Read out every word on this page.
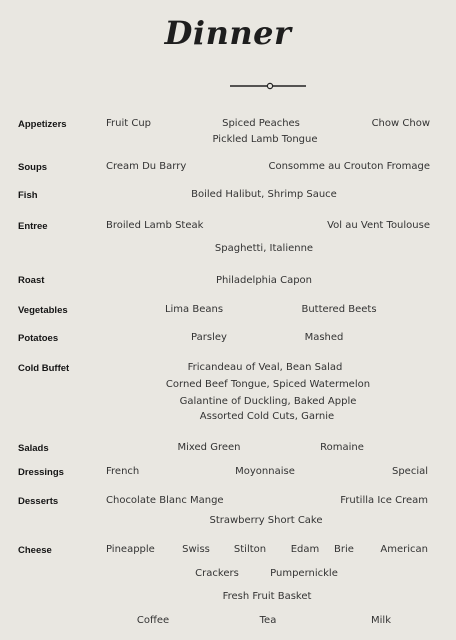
Dinner
Appetizers	Fruit Cup	Spiced Peaches	Chow Chow
Pickled Lamb Tongue
Soups	Cream Du Barry	Consomme au Crouton Fromage
Fish	Boiled Halibut, Shrimp Sauce
Entree	Broiled Lamb Steak	Vol au Vent Toulouse
Spaghetti, Italienne
Roast	Philadelphia Capon
Vegetables	Lima Beans	Buttered Beets
Potatoes	Parsley	Mashed
Cold Buffet	Fricandeau of Veal, Bean Salad
Corned Beef Tongue, Spiced Watermelon
Galantine of Duckling, Baked Apple
Assorted Cold Cuts, Garnie
Salads	Mixed Green	Romaine
Dressings	French	Moyonnaise	Special
Desserts	Chocolate Blanc Mange	Frutilla Ice Cream
Strawberry Short Cake
Cheese	Pineapple	Swiss Stilton Edam Brie	American
Crackers	Pumpernickle
Fresh Fruit Basket
Coffee	Tea	Milk
